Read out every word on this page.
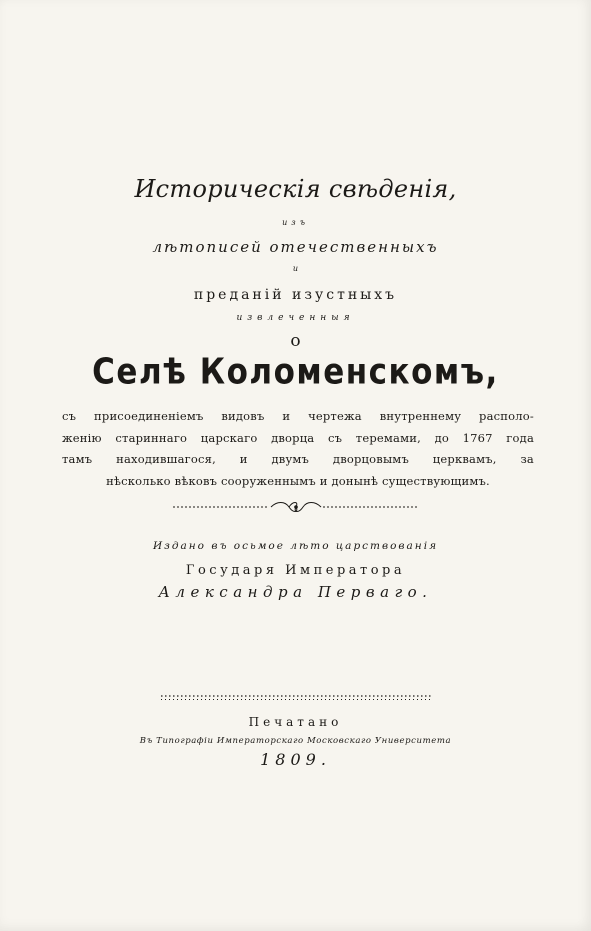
Историческія свѣденія,
изъ
лѣтописей отечественныхъ
и
преданій изустныхъ
извлеченныя
о
Селѣ Коломенскомъ,
съ присоединеніемъ видовъ и чертежа внутреннему располо-
женію стариннаго царскаго дворца съ теремами, до 1767 года
тамъ находившагося, и двумъ дворцовымъ церквамъ, за
нѣсколько вѣковъ сооруженнымъ и донынѣ существующимъ.
Издано въ осьмое лѣто царствованія
Государя Императора
Александра Перваго.
Печатано
Въ Типографіи Императорскаго Московскаго Университета
1809.
